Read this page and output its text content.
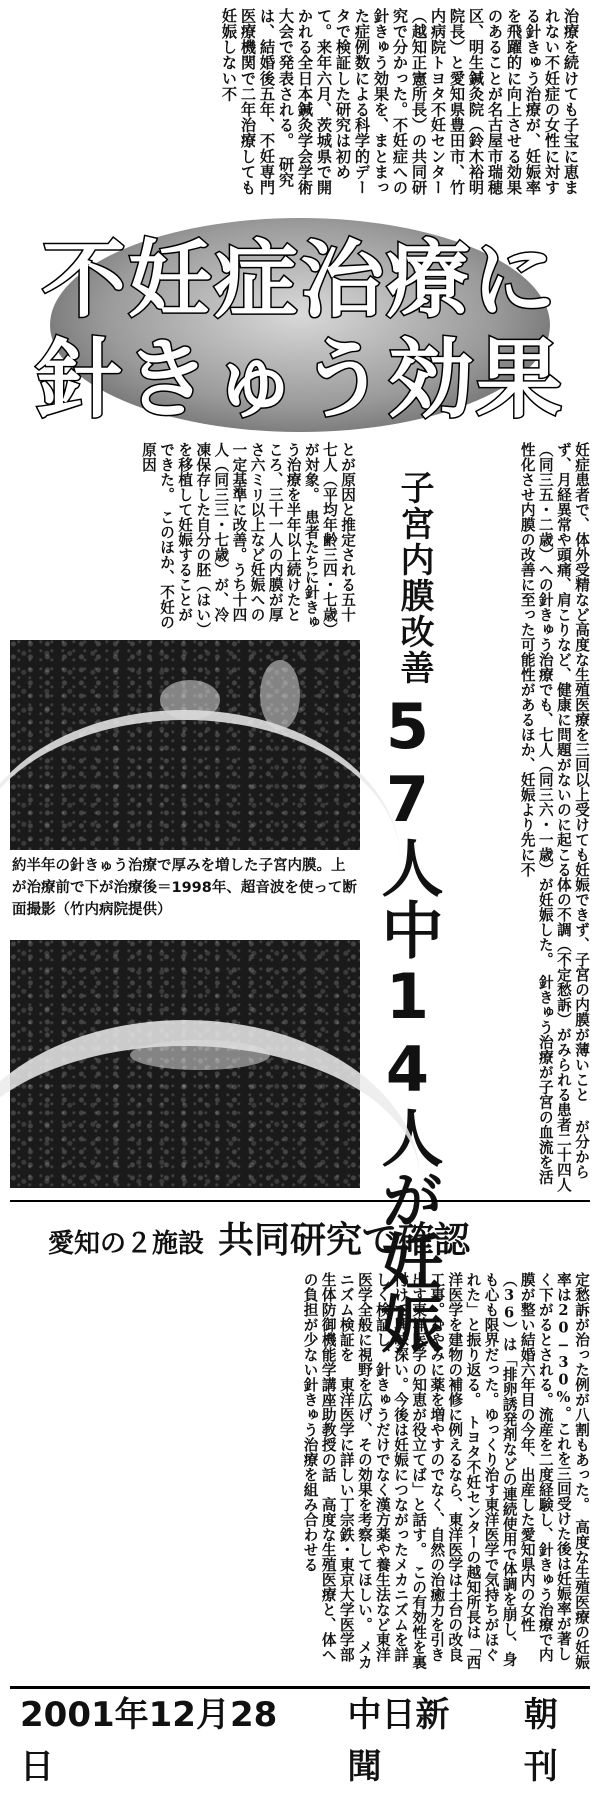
治療を続けても子宝に恵まれない不妊症の女性に対する針きゅう治療が、妊娠率を飛躍的に向上させる効果のあることが名古屋市瑞穂区、明生鍼灸院（鈴木裕明院長）と愛知県豊田市、竹内病院トヨタ不妊センター（越知正憲所長）の共同研究で分かった。不妊症への針きゅう効果を、まとまった症例数による科学的データで検証した研究は初めて。来年六月、茨城県で開かれる全日本鍼灸学会学術大会で発表される。　研究は、結婚後五年、不妊専門医療機関で二年治療しても妊娠しない不
不妊症治療に
針きゅう効果
妊症患者で、体外受精など高度な生殖医療を三回以上受けても妊娠できず、子宮の内膜が薄いこと が分からず、月経異常や頭痛、肩こりなど、健康に問題がないのに起こる体の不調（不定愁訴）がみられる患者二十四人（同三五・二歳）への針きゅう治療でも、七人（同三六・一歳）が妊娠した。　針きゅう治療が子宮の血流を活性化させ内膜の改善に至った可能性があるほか、妊娠より先に不
子宮内膜改善
57人中14人が妊娠
とが原因と推定される五十七人（平均年齢三四・七歳）が対象。　患者たちに針きゅう治療を半年以上続けたところ、三十一人の内膜が厚さ六ミリ以上など妊娠への一定基準に改善。うち十四人（同三三・七歳）が、冷凍保存した自分の胚（はい）を移植して妊娠することができた。　このほか、不妊の原因
約半年の針きゅう治療で厚みを増した子宮内膜。上が治療前で下が治療後＝1998年、超音波を使って断面撮影（竹内病院提供）
愛知の２施設 共同研究で確認
定愁訴が治った例が八割もあった。　高度な生殖医療の妊娠率は20−30%。これを三回受けた後は妊娠率が著しく下がるとされる。流産を二度経験し、針きゅう治療で内膜が整い結婚六年目の今年、出産した愛知県内の女性（𝟑𝟔）は「排卵誘発剤などの連続使用で体調を崩し、身も心も限界だった。ゆっくり治す東洋医学で気持ちがほぐれた」と振り返る。　トヨタ不妊センターの越知所長は「西洋医学を建物の補修に例えるなら、東洋医学は土台の改良工事。むやみに薬を増やすのでなく、自然の治癒力を引き出す東洋医学の知恵が役立てば」と話す。　この有効性を裏付けて興味深い。今後は妊娠につながったメカニズムを詳しく検証し、針きゅうだけでなく漢方薬や養生法など東洋医学全般に視野を広げ、その効果を考察してほしい。　メカニズム検証を　東洋医学に詳しい丁宗鉄・東京大学医学部生体防御機能学講座助教授の話　高度な生殖医療と、体への負担が少ない針きゅう治療を組み合わせる
2001年12月28日
中日新聞
朝刊
